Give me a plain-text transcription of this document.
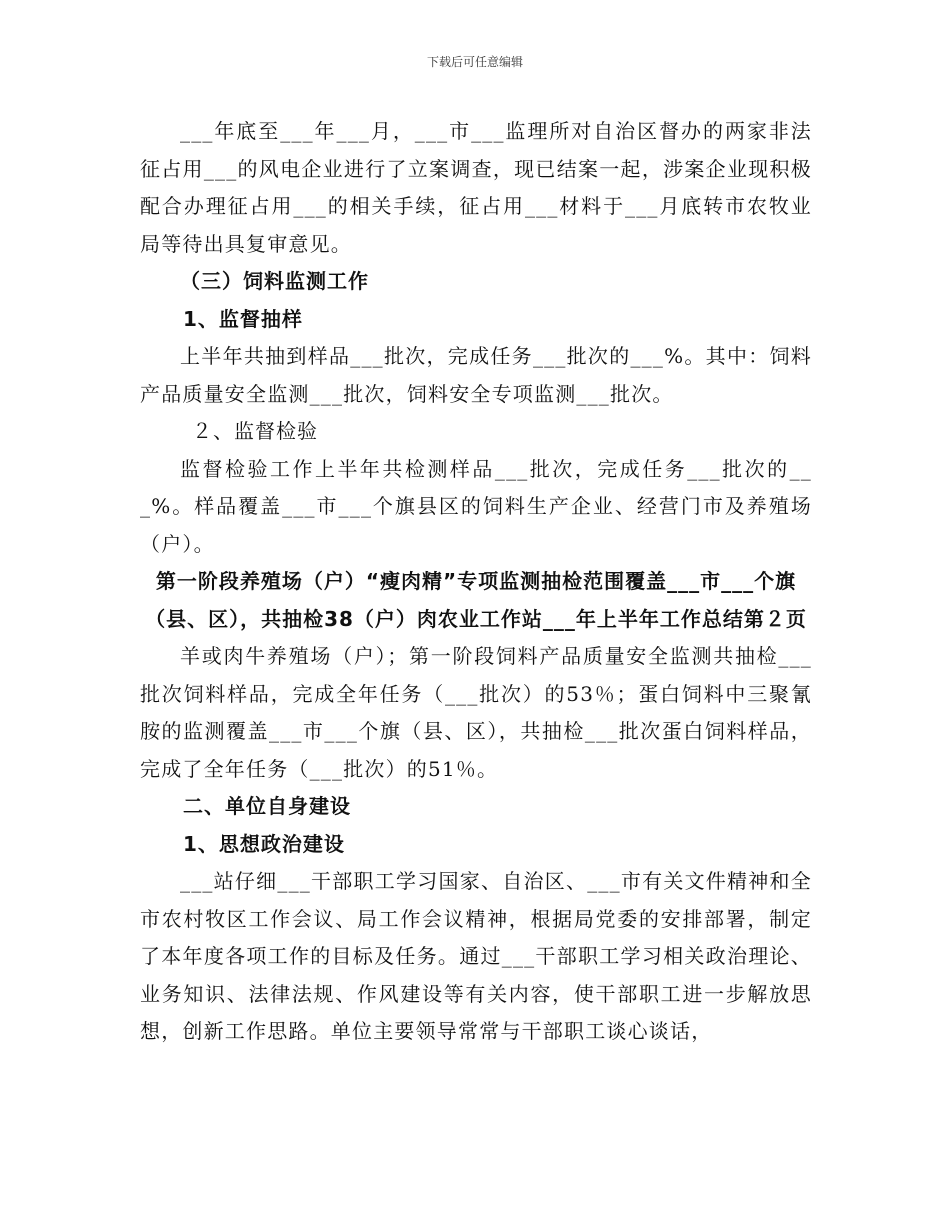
下载后可任意编辑

___年底至___年___月，___市___监理所对自治区督办的两家非法征占用___的风电企业进行了立案调查，现已结案一起，涉案企业现积极配合办理征占用___的相关手续，征占用___材料于___月底转市农牧业局等待出具复审意见。

（三）饲料监测工作

1、监督抽样

上半年共抽到样品___批次，完成任务___批次的___%。其中：饲料产品质量安全监测___批次，饲料安全专项监测___批次。

２、监督检验

监督检验工作上半年共检测样品___批次，完成任务___批次的___%。样品覆盖___市___个旗县区的饲料生产企业、经营门市及养殖场（户）。

第一阶段养殖场（户）“瘦肉精”专项监测抽检范围覆盖___市___个旗（县、区），共抽检38（户）肉农业工作站___年上半年工作总结第２页

羊或肉牛养殖场（户）；第一阶段饲料产品质量安全监测共抽检___批次饲料样品，完成全年任务（___批次）的53％；蛋白饲料中三聚氰胺的监测覆盖___市___个旗（县、区），共抽检___批次蛋白饲料样品，完成了全年任务（___批次）的51％。

二、单位自身建设

1、思想政治建设

___站仔细___干部职工学习国家、自治区、___市有关文件精神和全市农村牧区工作会议、局工作会议精神，根据局党委的安排部署，制定了本年度各项工作的目标及任务。通过___干部职工学习相关政治理论、业务知识、法律法规、作风建设等有关内容，使干部职工进一步解放思想，创新工作思路。单位主要领导常常与干部职工谈心谈话，
